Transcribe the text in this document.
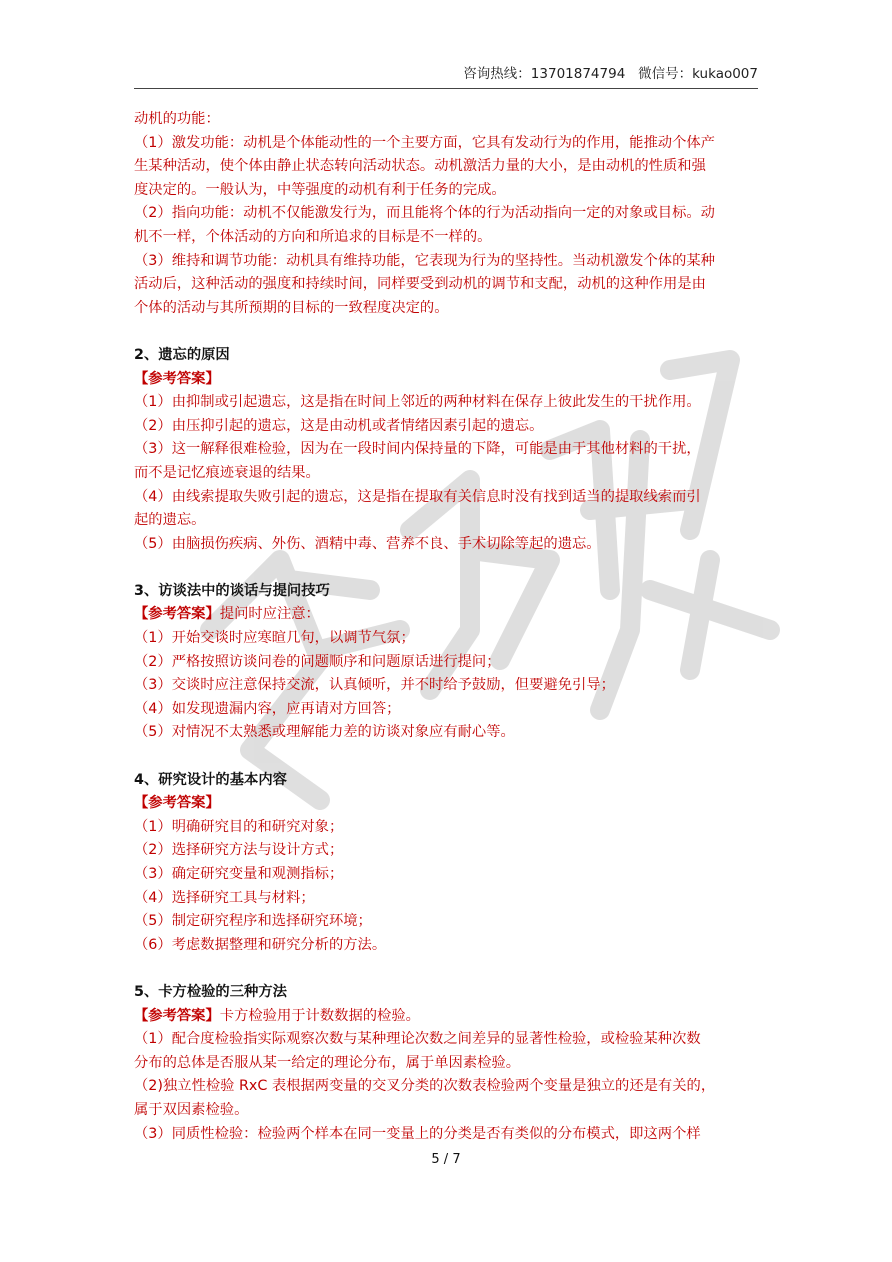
咨询热线：13701874794   微信号：kukao007
动机的功能：
（1）激发功能：动机是个体能动性的一个主要方面，它具有发动行为的作用，能推动个体产
生某种活动，使个体由静止状态转向活动状态。动机激活力量的大小，是由动机的性质和强
度决定的。一般认为，中等强度的动机有利于任务的完成。
（2）指向功能：动机不仅能激发行为，而且能将个体的行为活动指向一定的对象或目标。动
机不一样，个体活动的方向和所追求的目标是不一样的。
（3）维持和调节功能：动机具有维持功能，它表现为行为的坚持性。当动机激发个体的某种
活动后，这种活动的强度和持续时间，同样要受到动机的调节和支配，动机的这种作用是由
个体的活动与其所预期的目标的一致程度决定的。
2、遗忘的原因
【参考答案】
（1）由抑制或引起遗忘，这是指在时间上邻近的两种材料在保存上彼此发生的干扰作用。
（2）由压抑引起的遗忘，这是由动机或者情绪因素引起的遗忘。
（3）这一解释很难检验，因为在一段时间内保持量的下降，可能是由于其他材料的干扰，
而不是记忆痕迹衰退的结果。
（4）由线索提取失败引起的遗忘，这是指在提取有关信息时没有找到适当的提取线索而引
起的遗忘。
（5）由脑损伤疾病、外伤、酒精中毒、营养不良、手术切除等起的遗忘。
3、访谈法中的谈话与提问技巧
【参考答案】提问时应注意：
（1）开始交谈时应寒暄几句，以调节气氛；
（2）严格按照访谈问卷的问题顺序和问题原话进行提问；
（3）交谈时应注意保持交流，认真倾听，并不时给予鼓励，但要避免引导；
（4）如发现遗漏内容，应再请对方回答；
（5）对情况不太熟悉或理解能力差的访谈对象应有耐心等。
4、研究设计的基本内容
【参考答案】
（1）明确研究目的和研究对象；
（2）选择研究方法与设计方式；
（3）确定研究变量和观测指标；
（4）选择研究工具与材料；
（5）制定研究程序和选择研究环境；
（6）考虑数据整理和研究分析的方法。
5、卡方检验的三种方法
【参考答案】卡方检验用于计数数据的检验。
（1）配合度检验指实际观察次数与某种理论次数之间差异的显著性检验，或检验某种次数
分布的总体是否服从某一给定的理论分布，属于单因素检验。
（2)独立性检验 RxC 表根据两变量的交叉分类的次数表检验两个变量是独立的还是有关的，
属于双因素检验。
（3）同质性检验：检验两个样本在同一变量上的分类是否有类似的分布模式，即这两个样
5 / 7
